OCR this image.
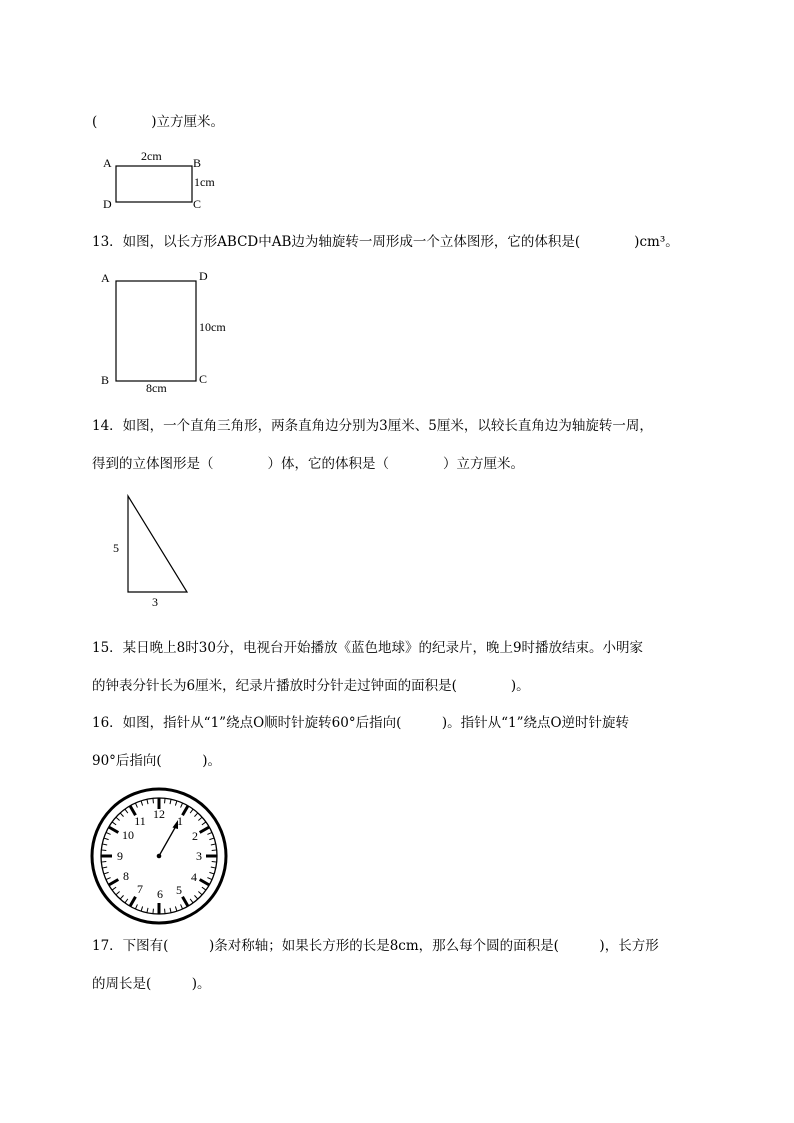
(　　　　)立方厘米。
A 2cm	B
1cm
D	C
13．如图，以长方形ABCD中AB边为轴旋转一周形成一个立体图形，它的体积是(　　　　)cm³。
A	D
10cm
B	C
8cm
14．如图，一个直角三角形，两条直角边分别为3厘米、5厘米，以较长直角边为轴旋转一周，
得到的立体图形是（　　　　）体，它的体积是（　　　　）立方厘米。
5
3
15．某日晚上8时30分，电视台开始播放《蓝色地球》的纪录片，晚上9时播放结束。小明家
的钟表分针长为6厘米，纪录片播放时分针走过钟面的面积是(　　　　)。
16．如图，指针从“1”绕点O顺时针旋转60°后指向(　　　)。指针从“1”绕点O逆时针旋转
90°后指向(　　　)。
12 1
2
3
4
5
6
7
8
9
10
11
17．下图有(　　　)条对称轴；如果长方形的长是8cm，那么每个圆的面积是(　　　)，长方形
的周长是(　　　)。
